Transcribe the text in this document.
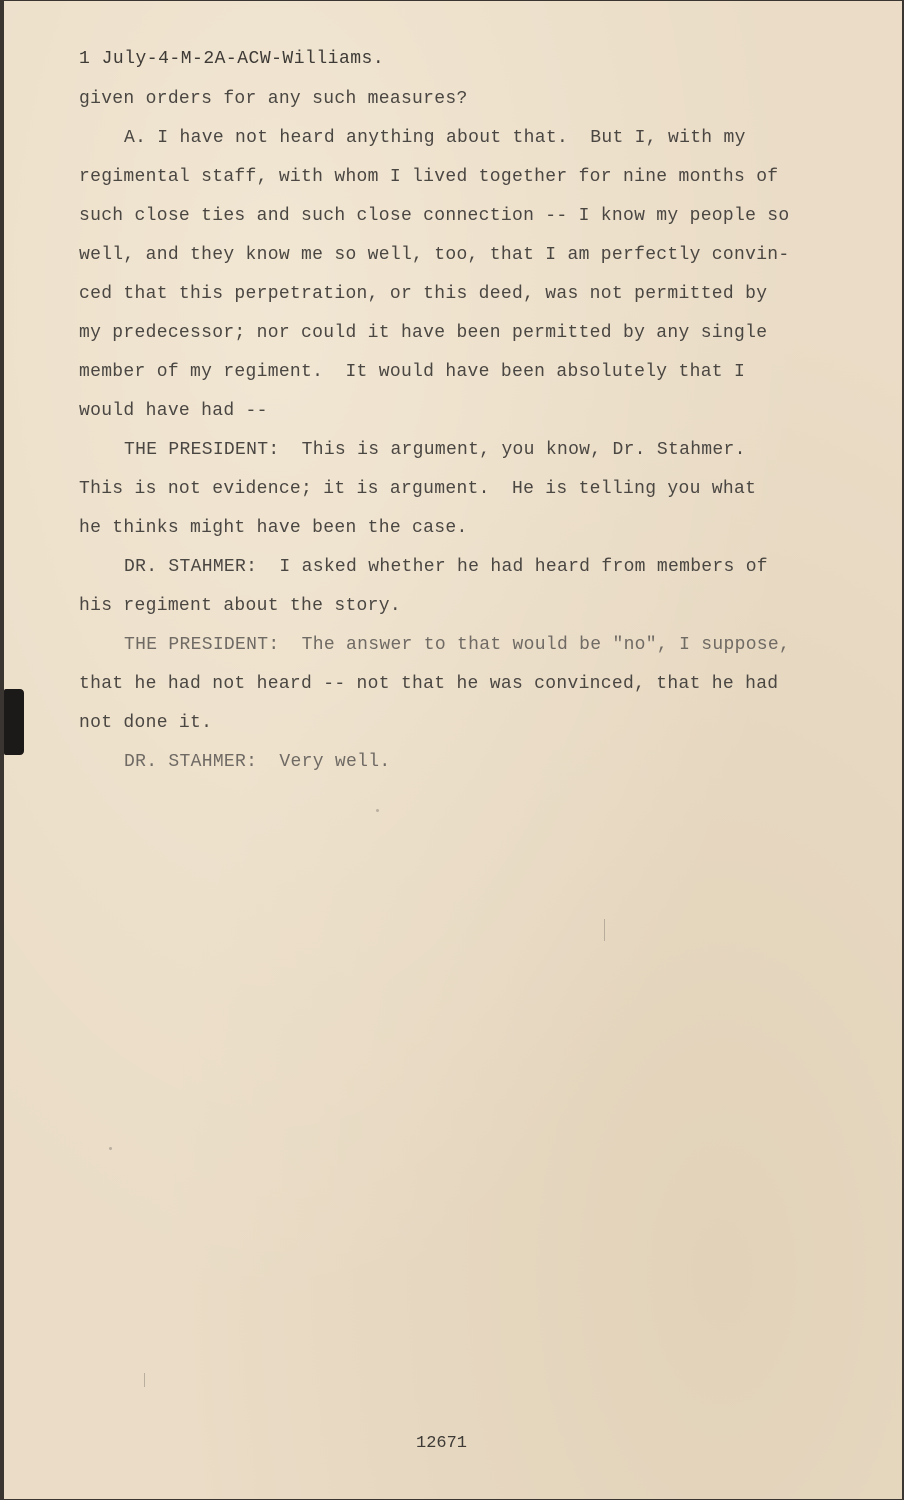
1 July-4-M-2A-ACW-Williams.
given orders for any such measures?
A. I have not heard anything about that.  But I, with my
regimental staff, with whom I lived together for nine months of
such close ties and such close connection -- I know my people so
well, and they know me so well, too, that I am perfectly convin-
ced that this perpetration, or this deed, was not permitted by
my predecessor; nor could it have been permitted by any single
member of my regiment.  It would have been absolutely that I
would have had --
THE PRESIDENT:  This is argument, you know, Dr. Stahmer.
This is not evidence; it is argument.  He is telling you what
he thinks might have been the case.
DR. STAHMER:  I asked whether he had heard from members of
his regiment about the story.
THE PRESIDENT:  The answer to that would be "no", I suppose,
that he had not heard -- not that he was convinced, that he had
not done it.
DR. STAHMER:  Very well.
12671
